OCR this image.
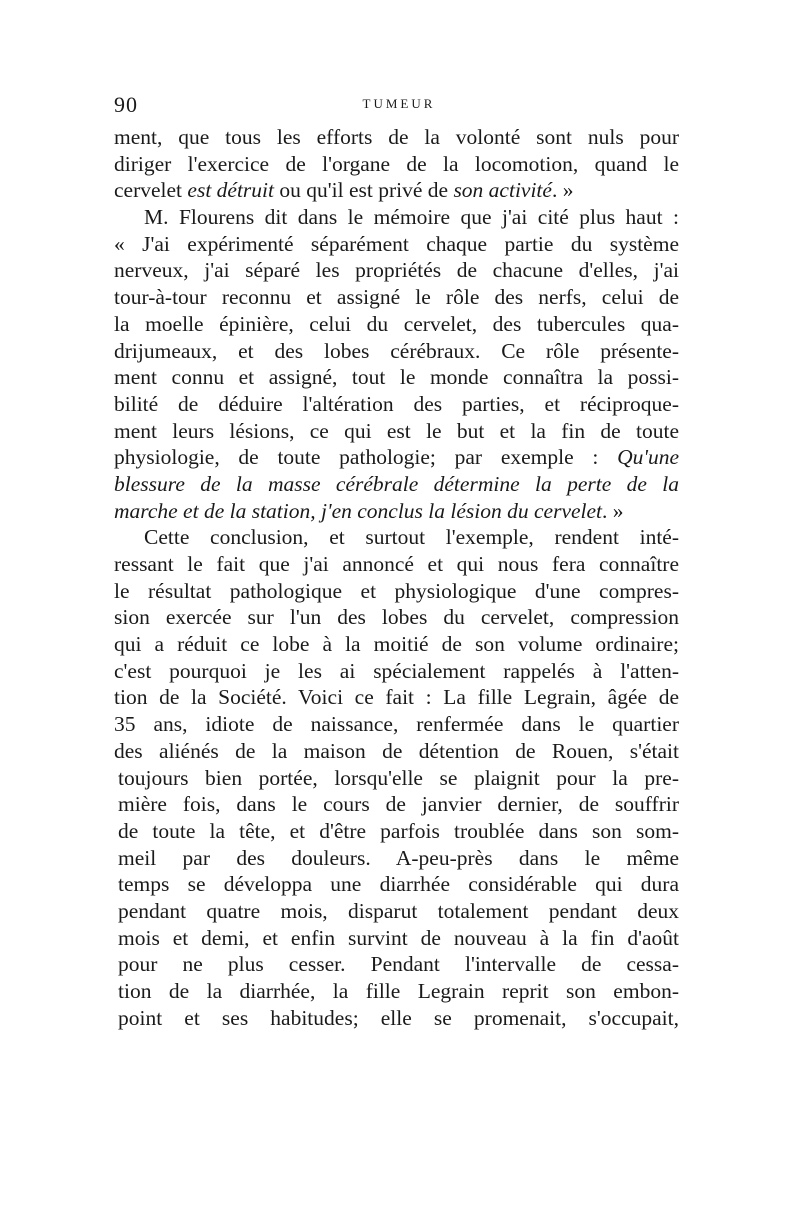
90	TUMEUR
ment, que tous les efforts de la volonté sont nuls pour
diriger l'exercice de l'organe de la locomotion, quand le
cervelet est détruit ou qu'il est privé de son activité. »
M. Flourens dit dans le mémoire que j'ai cité plus haut :
« J'ai expérimenté séparément chaque partie du système
nerveux, j'ai séparé les propriétés de chacune d'elles, j'ai
tour-à-tour reconnu et assigné le rôle des nerfs, celui de
la moelle épinière, celui du cervelet, des tubercules qua-
drijumeaux, et des lobes cérébraux. Ce rôle présente-
ment connu et assigné, tout le monde connaîtra la possi-
bilité de déduire l'altération des parties, et réciproque-
ment leurs lésions, ce qui est le but et la fin de toute
physiologie, de toute pathologie; par exemple : Qu'une
blessure de la masse cérébrale détermine la perte de la
marche et de la station, j'en conclus la lésion du cervelet. »
Cette conclusion, et surtout l'exemple, rendent inté-
ressant le fait que j'ai annoncé et qui nous fera connaître
le résultat pathologique et physiologique d'une compres-
sion exercée sur l'un des lobes du cervelet, compression
qui a réduit ce lobe à la moitié de son volume ordinaire;
c'est pourquoi je les ai spécialement rappelés à l'atten-
tion de la Société. Voici ce fait : La fille Legrain, âgée de
35 ans, idiote de naissance, renfermée dans le quartier
des aliénés de la maison de détention de Rouen, s'était
toujours bien portée, lorsqu'elle se plaignit pour la pre-
mière fois, dans le cours de janvier dernier, de souffrir
de toute la tête, et d'être parfois troublée dans son som-
meil par des douleurs. A-peu-près dans le même
temps se développa une diarrhée considérable qui dura
pendant quatre mois, disparut totalement pendant deux
mois et demi, et enfin survint de nouveau à la fin d'août
pour ne plus cesser. Pendant l'intervalle de cessa-
tion de la diarrhée, la fille Legrain reprit son embon-
point et ses habitudes; elle se promenait, s'occupait,
